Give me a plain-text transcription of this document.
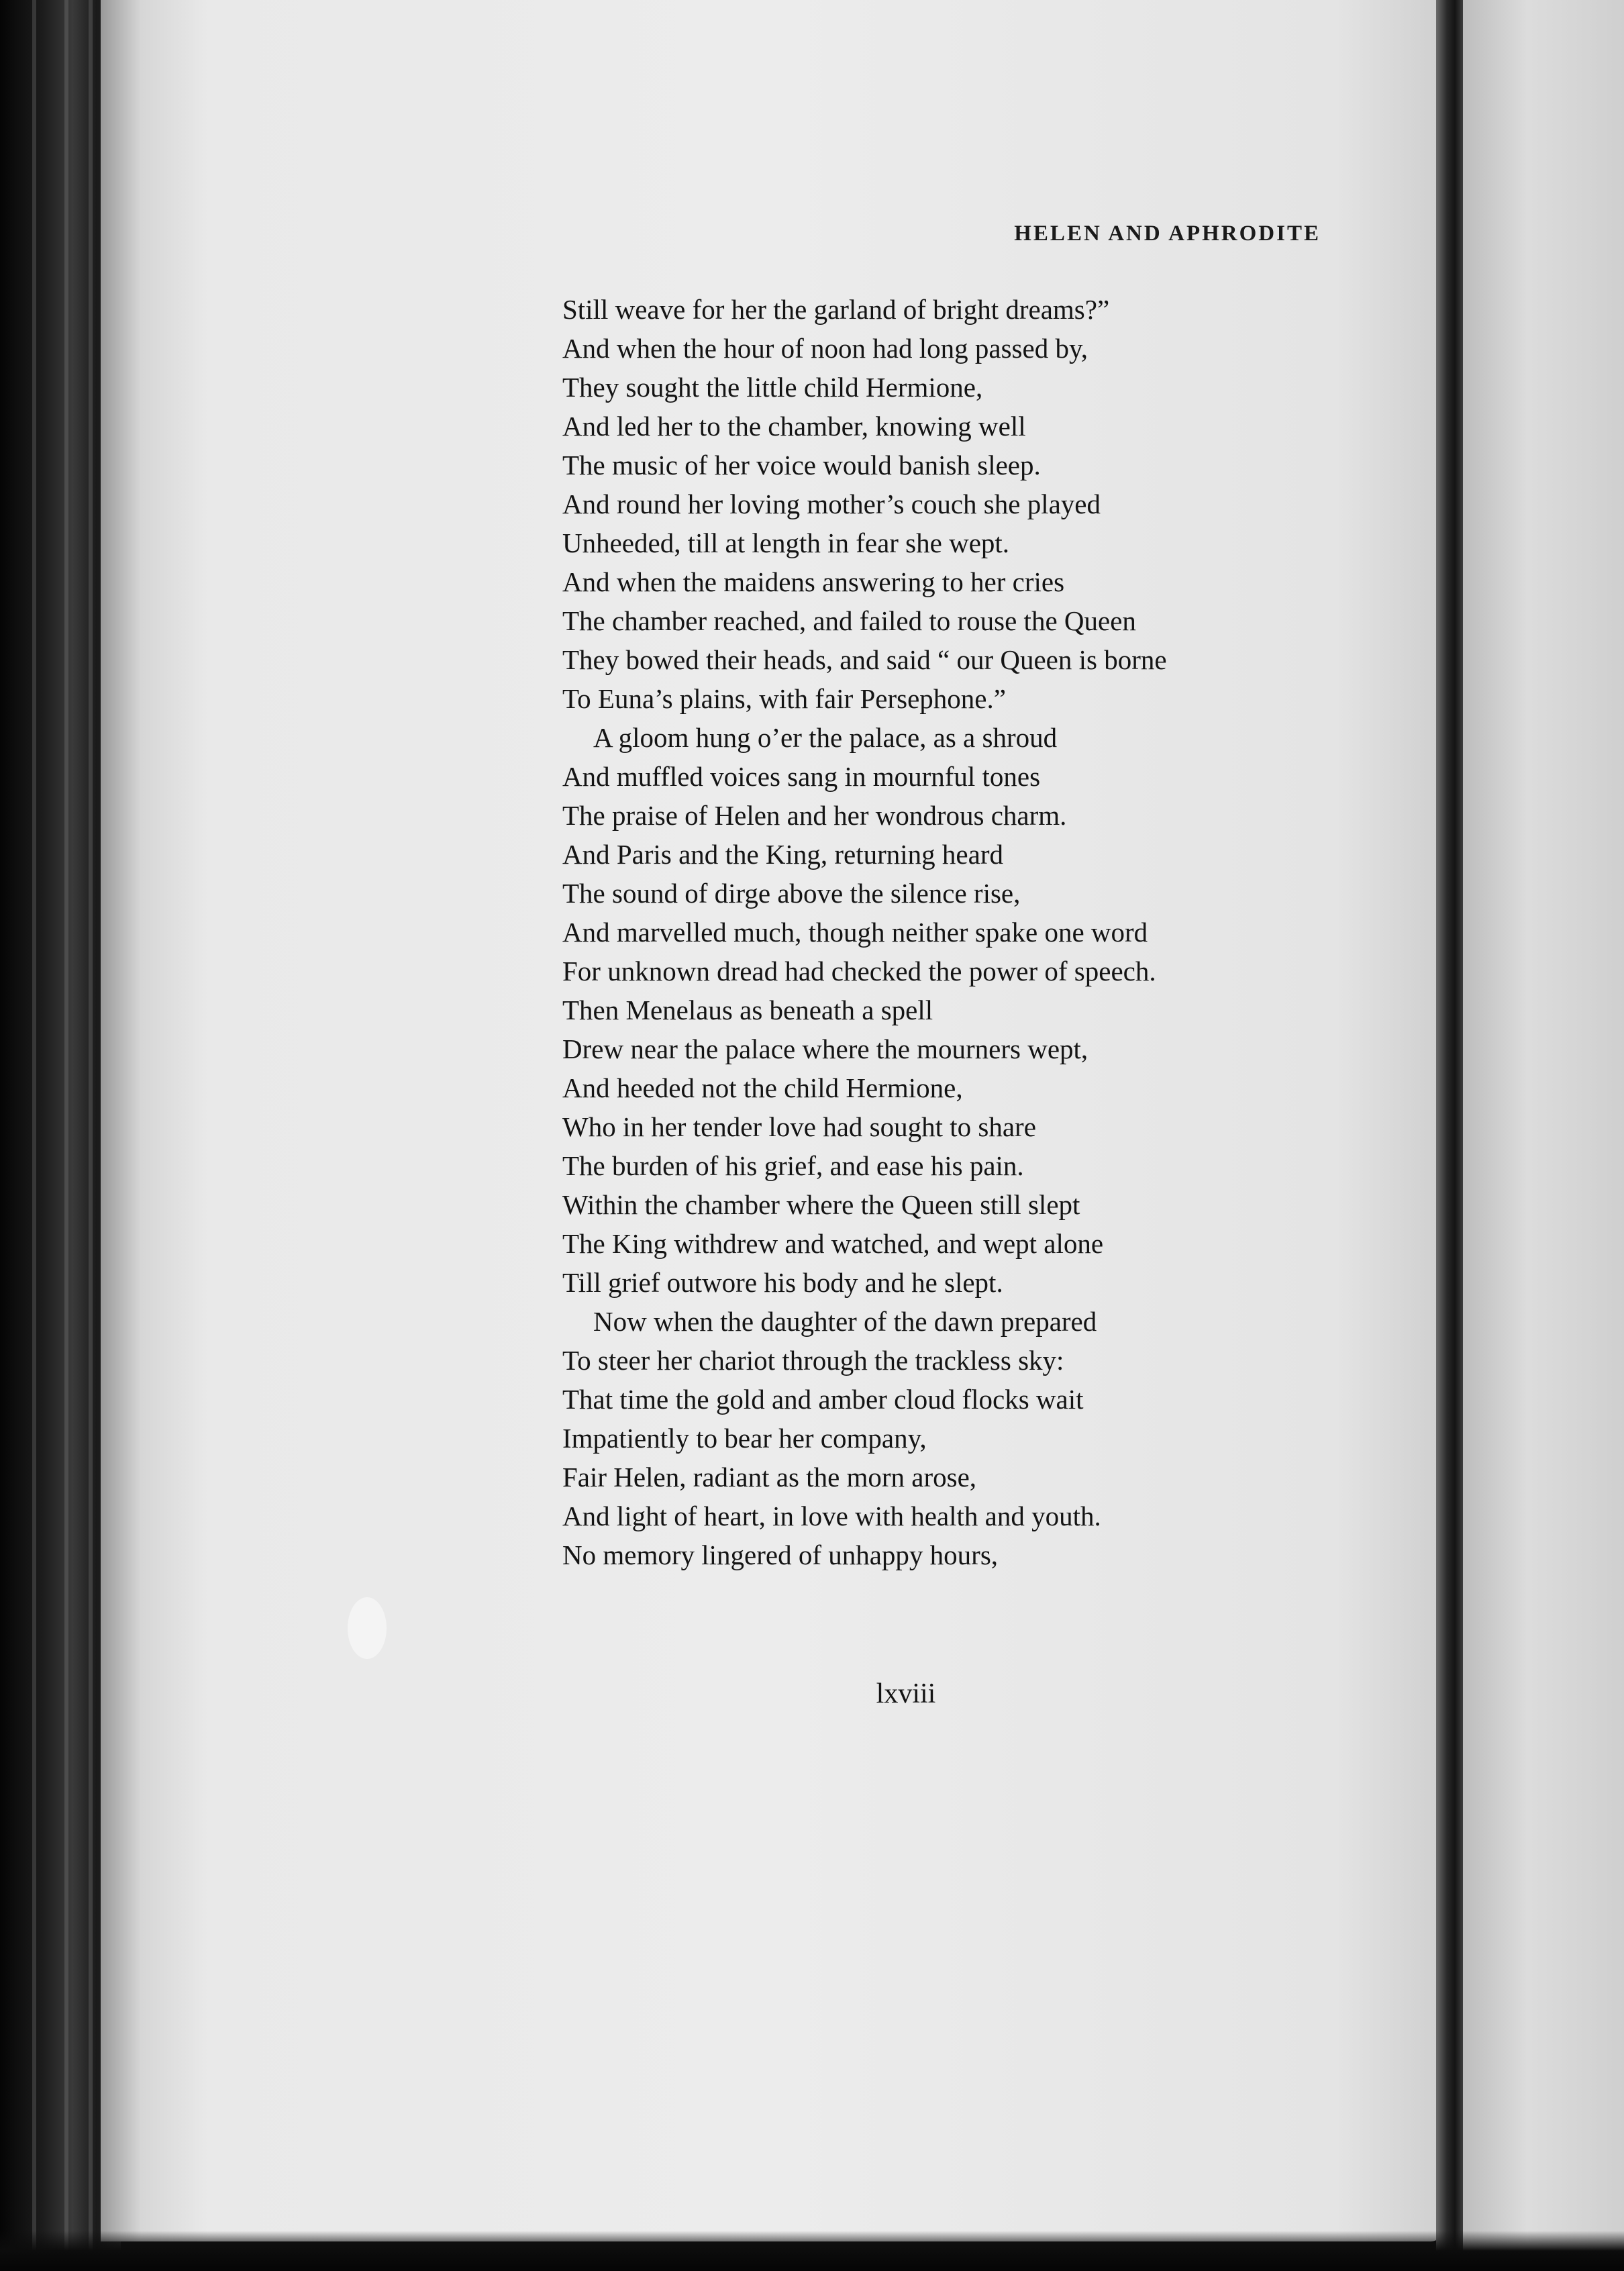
HELEN AND APHRODITE
Still weave for her the garland of bright dreams?”
And when the hour of noon had long passed by,
They sought the little child Hermione,
And led her to the chamber, knowing well
The music of her voice would banish sleep.
And round her loving mother’s couch she played
Unheeded, till at length in fear she wept.
And when the maidens answering to her cries
The chamber reached, and failed to rouse the Queen
They bowed their heads, and said “ our Queen is borne
To Euna’s plains, with fair Persephone.”
A gloom hung o’er the palace, as a shroud
And muffled voices sang in mournful tones
The praise of Helen and her wondrous charm.
And Paris and the King, returning heard
The sound of dirge above the silence rise,
And marvelled much, though neither spake one word
For unknown dread had checked the power of speech.
Then Menelaus as beneath a spell
Drew near the palace where the mourners wept,
And heeded not the child Hermione,
Who in her tender love had sought to share
The burden of his grief, and ease his pain.
Within the chamber where the Queen still slept
The King withdrew and watched, and wept alone
Till grief outwore his body and he slept.
Now when the daughter of the dawn prepared
To steer her chariot through the trackless sky:
That time the gold and amber cloud flocks wait
Impatiently to bear her company,
Fair Helen, radiant as the morn arose,
And light of heart, in love with health and youth.
No memory lingered of unhappy hours,
lxviii
